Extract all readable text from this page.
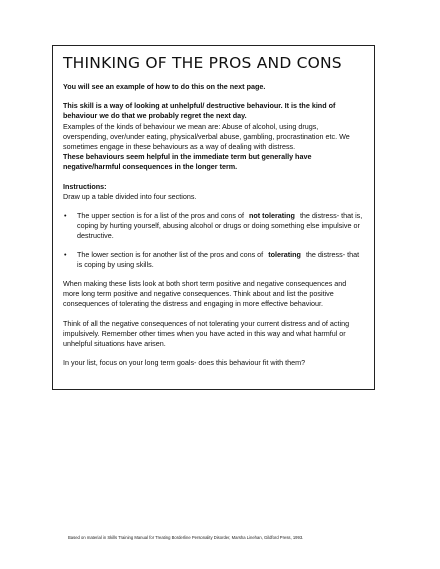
THINKING OF THE PROS AND CONS

You will see an example of how to do this on the next page.

This skill is a way of looking at unhelpful/ destructive behaviour. It is the kind of behaviour we do that we probably regret the next day.

Examples of the kinds of behaviour we mean are: Abuse of alcohol, using drugs, overspending, over/under eating, physical/verbal abuse, gambling, procrastination etc. We sometimes engage in these behaviours as a way of dealing with distress.

These behaviours seem helpful in the immediate term but generally have negative/harmful consequences in the longer term.

Instructions:

Draw up a table divided into four sections.

• The upper section is for a list of the pros and cons of not tolerating the distress- that is, coping by hurting yourself, abusing alcohol or drugs or doing something else impulsive or destructive.
• The lower section is for another list of the pros and cons of tolerating the distress- that is coping by using skills.

When making these lists look at both short term positive and negative consequences and more long term positive and negative consequences. Think about and list the positive consequences of tolerating the distress and engaging in more effective behaviour.

Think of all the negative consequences of not tolerating your current distress and of acting impulsively. Remember other times when you have acted in this way and what harmful or unhelpful situations have arisen.

In your list, focus on your long term goals- does this behaviour fit with them?

Based on material in Skills Training Manual for Treating Borderline Personality Disorder, Marsha Linehan, Gildford Press, 1993.
